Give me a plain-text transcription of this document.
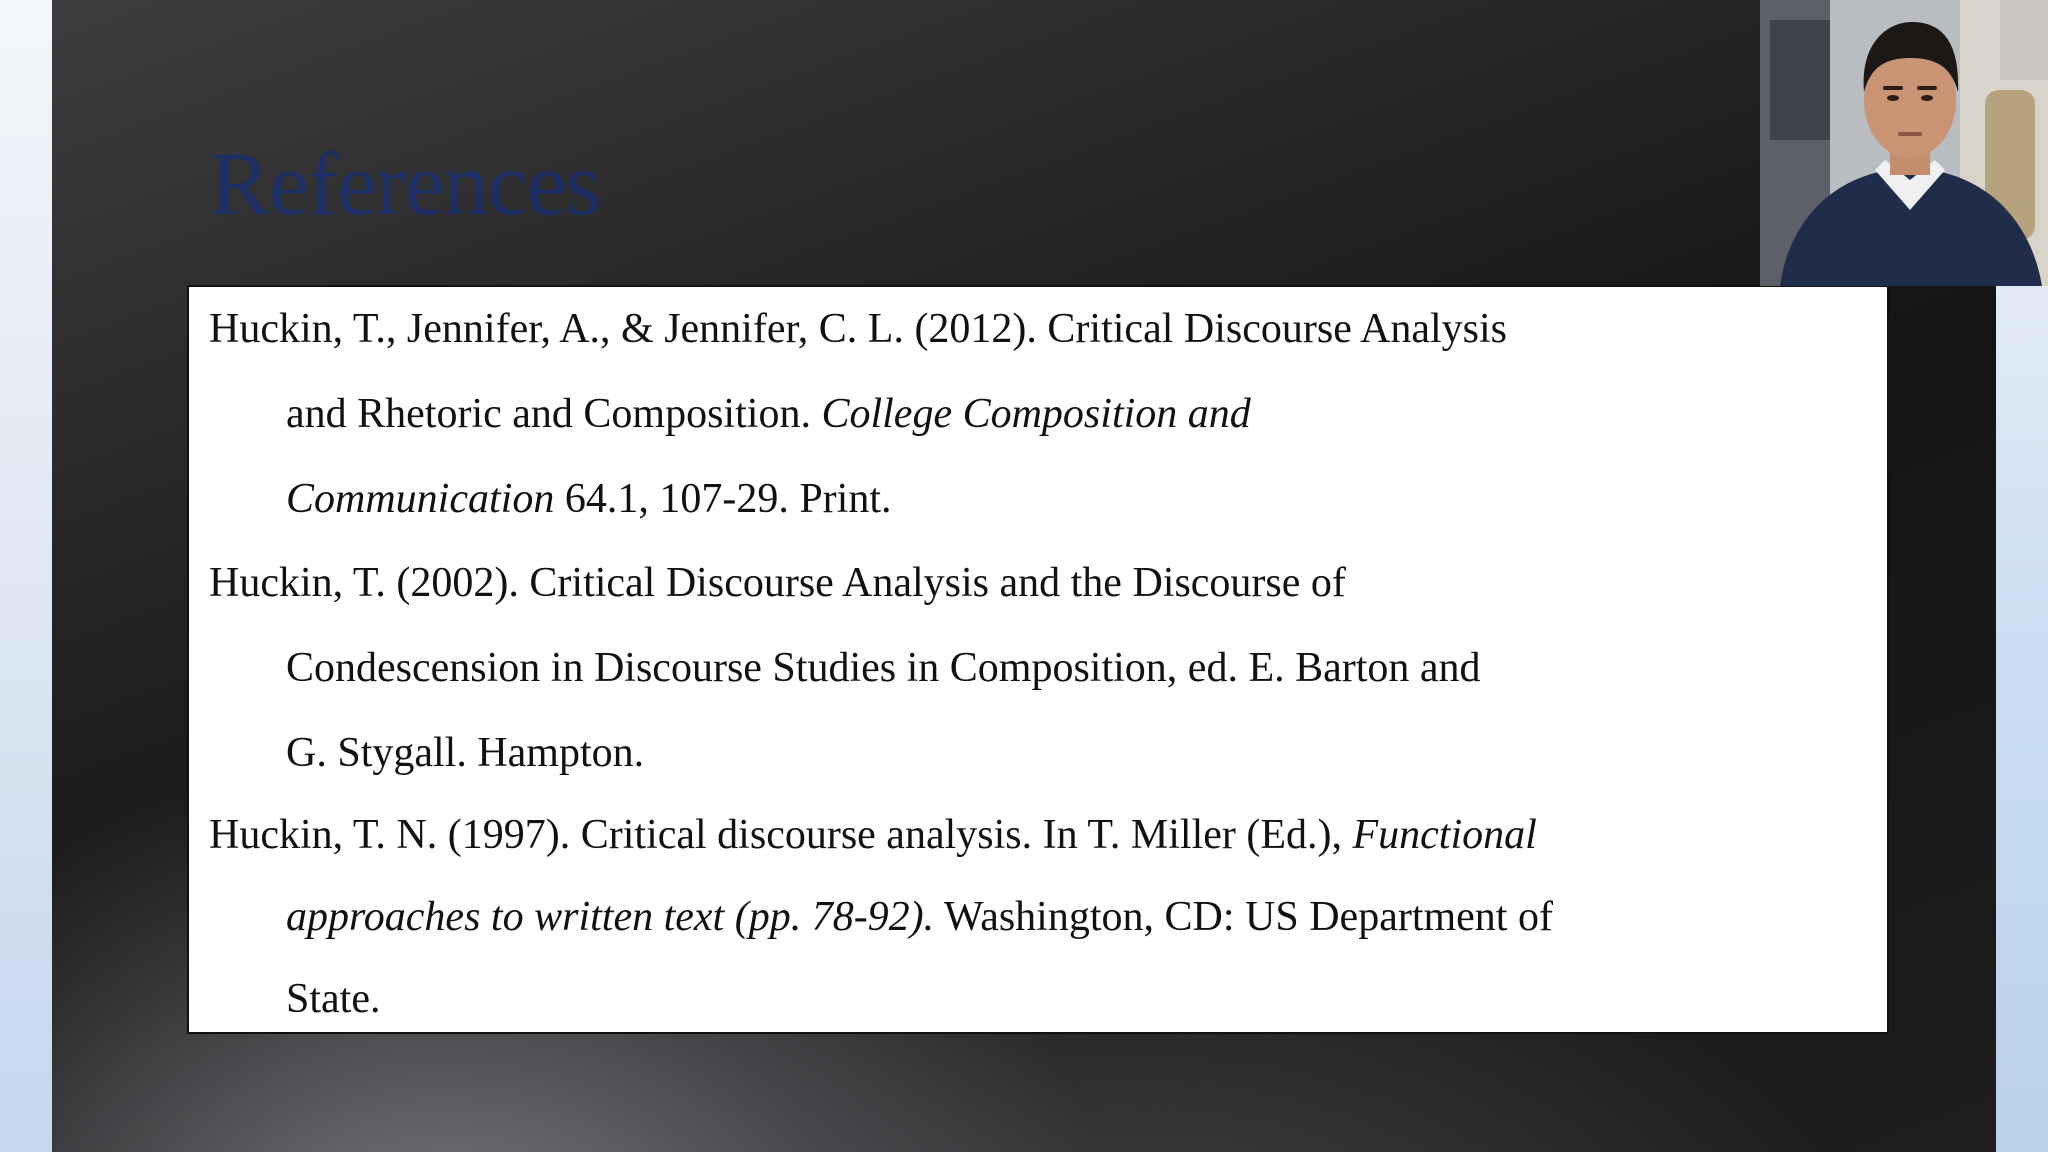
References
Huckin, T., Jennifer, A., & Jennifer, C. L. (2012). Critical Discourse Analysis
and Rhetoric and Composition. College Composition and
Communication 64.1, 107-29. Print.
Huckin, T. (2002). Critical Discourse Analysis and the Discourse of
Condescension in Discourse Studies in Composition, ed. E. Barton and
G. Stygall. Hampton.
Huckin, T. N. (1997). Critical discourse analysis. In T. Miller (Ed.), Functional
approaches to written text (pp. 78-92). Washington, CD: US Department of
State.
